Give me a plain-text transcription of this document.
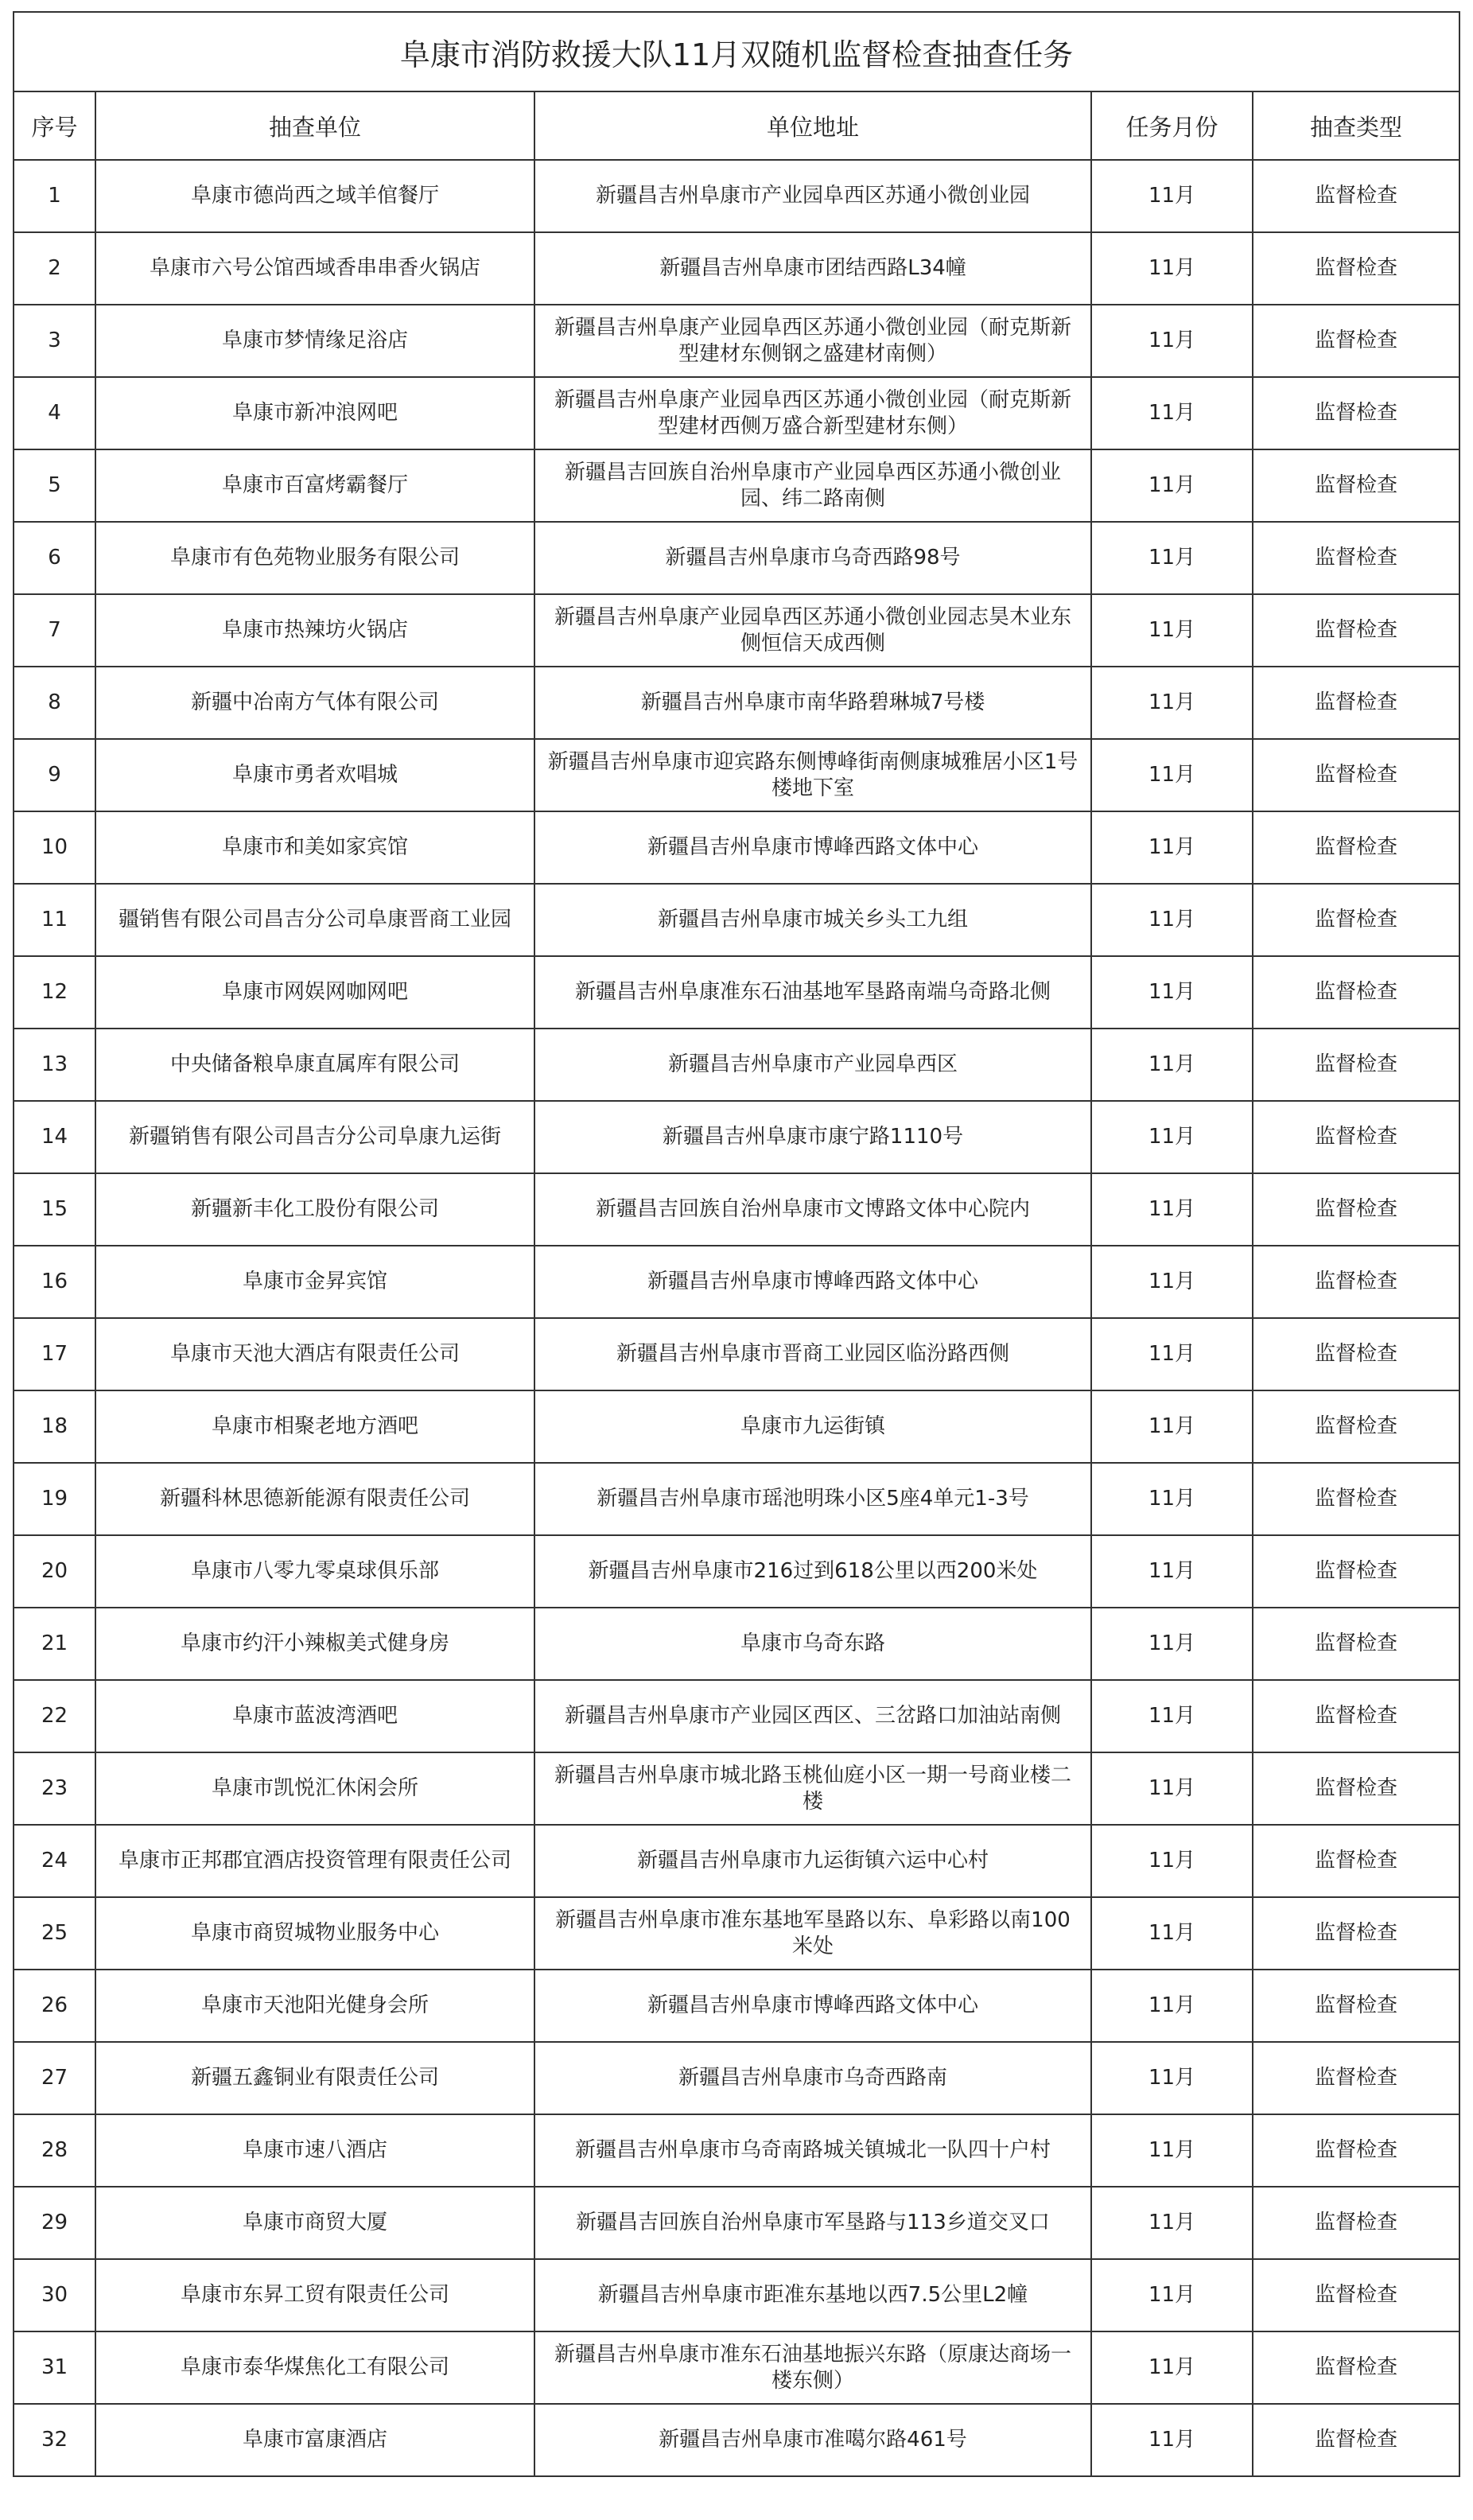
阜康市消防救援大队11月双随机监督检查抽查任务				
序号	抽查单位	单位地址	任务月份	抽查类型
1	阜康市德尚西之域羊倌餐厅	新疆昌吉州阜康市产业园阜西区苏通小微创业园	11月	监督检查
2	阜康市六号公馆西域香串串香火锅店	新疆昌吉州阜康市团结西路L34幢	11月	监督检查
3	阜康市梦情缘足浴店	新疆昌吉州阜康产业园阜西区苏通小微创业园（耐克斯新型建材东侧钢之盛建材南侧）	11月	监督检查
4	阜康市新冲浪网吧	新疆昌吉州阜康产业园阜西区苏通小微创业园（耐克斯新型建材西侧万盛合新型建材东侧）	11月	监督检查
5	阜康市百富烤霸餐厅	新疆昌吉回族自治州阜康市产业园阜西区苏通小微创业园、纬二路南侧	11月	监督检查
6	阜康市有色苑物业服务有限公司	新疆昌吉州阜康市乌奇西路98号	11月	监督检查
7	阜康市热辣坊火锅店	新疆昌吉州阜康产业园阜西区苏通小微创业园志昊木业东侧恒信天成西侧	11月	监督检查
8	新疆中冶南方气体有限公司	新疆昌吉州阜康市南华路碧琳城7号楼	11月	监督检查
9	阜康市勇者欢唱城	新疆昌吉州阜康市迎宾路东侧博峰街南侧康城雅居小区1号楼地下室	11月	监督检查
10	阜康市和美如家宾馆	新疆昌吉州阜康市博峰西路文体中心	11月	监督检查
11	疆销售有限公司昌吉分公司阜康晋商工业园	新疆昌吉州阜康市城关乡头工九组	11月	监督检查
12	阜康市网娱网咖网吧	新疆昌吉州阜康准东石油基地军垦路南端乌奇路北侧	11月	监督检查
13	中央储备粮阜康直属库有限公司	新疆昌吉州阜康市产业园阜西区	11月	监督检查
14	新疆销售有限公司昌吉分公司阜康九运街	新疆昌吉州阜康市康宁路1110号	11月	监督检查
15	新疆新丰化工股份有限公司	新疆昌吉回族自治州阜康市文博路文体中心院内	11月	监督检查
16	阜康市金昇宾馆	新疆昌吉州阜康市博峰西路文体中心	11月	监督检查
17	阜康市天池大酒店有限责任公司	新疆昌吉州阜康市晋商工业园区临汾路西侧	11月	监督检查
18	阜康市相聚老地方酒吧	阜康市九运街镇	11月	监督检查
19	新疆科林思德新能源有限责任公司	新疆昌吉州阜康市瑶池明珠小区5座4单元1-3号	11月	监督检查
20	阜康市八零九零桌球俱乐部	新疆昌吉州阜康市216过到618公里以西200米处	11月	监督检查
21	阜康市约汗小辣椒美式健身房	阜康市乌奇东路	11月	监督检查
22	阜康市蓝波湾酒吧	新疆昌吉州阜康市产业园区西区、三岔路口加油站南侧	11月	监督检查
23	阜康市凯悦汇休闲会所	新疆昌吉州阜康市城北路玉桃仙庭小区一期一号商业楼二楼	11月	监督检查
24	阜康市正邦郡宜酒店投资管理有限责任公司	新疆昌吉州阜康市九运街镇六运中心村	11月	监督检查
25	阜康市商贸城物业服务中心	新疆昌吉州阜康市准东基地军垦路以东、阜彩路以南100米处	11月	监督检查
26	阜康市天池阳光健身会所	新疆昌吉州阜康市博峰西路文体中心	11月	监督检查
27	新疆五鑫铜业有限责任公司	新疆昌吉州阜康市乌奇西路南	11月	监督检查
28	阜康市速八酒店	新疆昌吉州阜康市乌奇南路城关镇城北一队四十户村	11月	监督检查
29	阜康市商贸大厦	新疆昌吉回族自治州阜康市军垦路与113乡道交叉口	11月	监督检查
30	阜康市东昇工贸有限责任公司	新疆昌吉州阜康市距准东基地以西7.5公里L2幢	11月	监督检查
31	阜康市泰华煤焦化工有限公司	新疆昌吉州阜康市准东石油基地振兴东路（原康达商场一楼东侧）	11月	监督检查
32	阜康市富康酒店	新疆昌吉州阜康市准噶尔路461号	11月	监督检查
